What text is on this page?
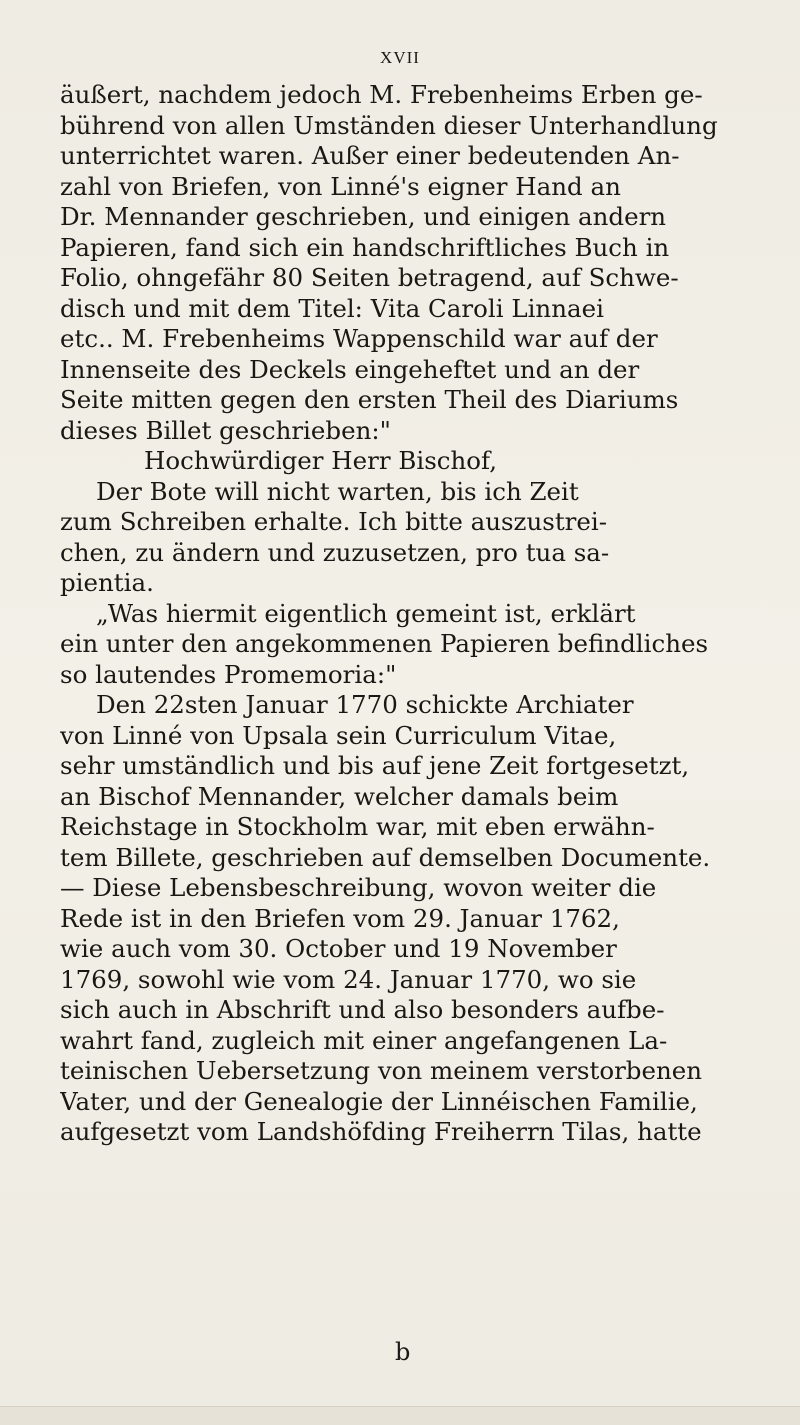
XVII
äußert, nachdem jedoch M. Frebenheims Erben ge-
bührend von allen Umständen dieser Unterhandlung
unterrichtet waren. Außer einer bedeutenden An-
zahl von Briefen, von Linné's eigner Hand an
Dr. Mennander geschrieben, und einigen andern
Papieren, fand sich ein handschriftliches Buch in
Folio, ohngefähr 80 Seiten betragend, auf Schwe-
disch und mit dem Titel: Vita Caroli Linnaei
etc.. M. Frebenheims Wappenschild war auf der
Innenseite des Deckels eingeheftet und an der
Seite mitten gegen den ersten Theil des Diariums
dieses Billet geschrieben:"
Hochwürdiger Herr Bischof,
Der Bote will nicht warten, bis ich Zeit
zum Schreiben erhalte. Ich bitte auszustrei-
chen, zu ändern und zuzusetzen, pro tua sa-
pientia.
„Was hiermit eigentlich gemeint ist, erklärt
ein unter den angekommenen Papieren befindliches
so lautendes Promemoria:"
Den 22sten Januar 1770 schickte Archiater
von Linné von Upsala sein Curriculum Vitae,
sehr umständlich und bis auf jene Zeit fortgesetzt,
an Bischof Mennander, welcher damals beim
Reichstage in Stockholm war, mit eben erwähn-
tem Billete, geschrieben auf demselben Documente.
— Diese Lebensbeschreibung, wovon weiter die
Rede ist in den Briefen vom 29. Januar 1762,
wie auch vom 30. October und 19 November
1769, sowohl wie vom 24. Januar 1770, wo sie
sich auch in Abschrift und also besonders aufbe-
wahrt fand, zugleich mit einer angefangenen La-
teinischen Uebersetzung von meinem verstorbenen
Vater, und der Genealogie der Linnéischen Familie,
aufgesetzt vom Landshöfding Freiherrn Tilas, hatte
b
